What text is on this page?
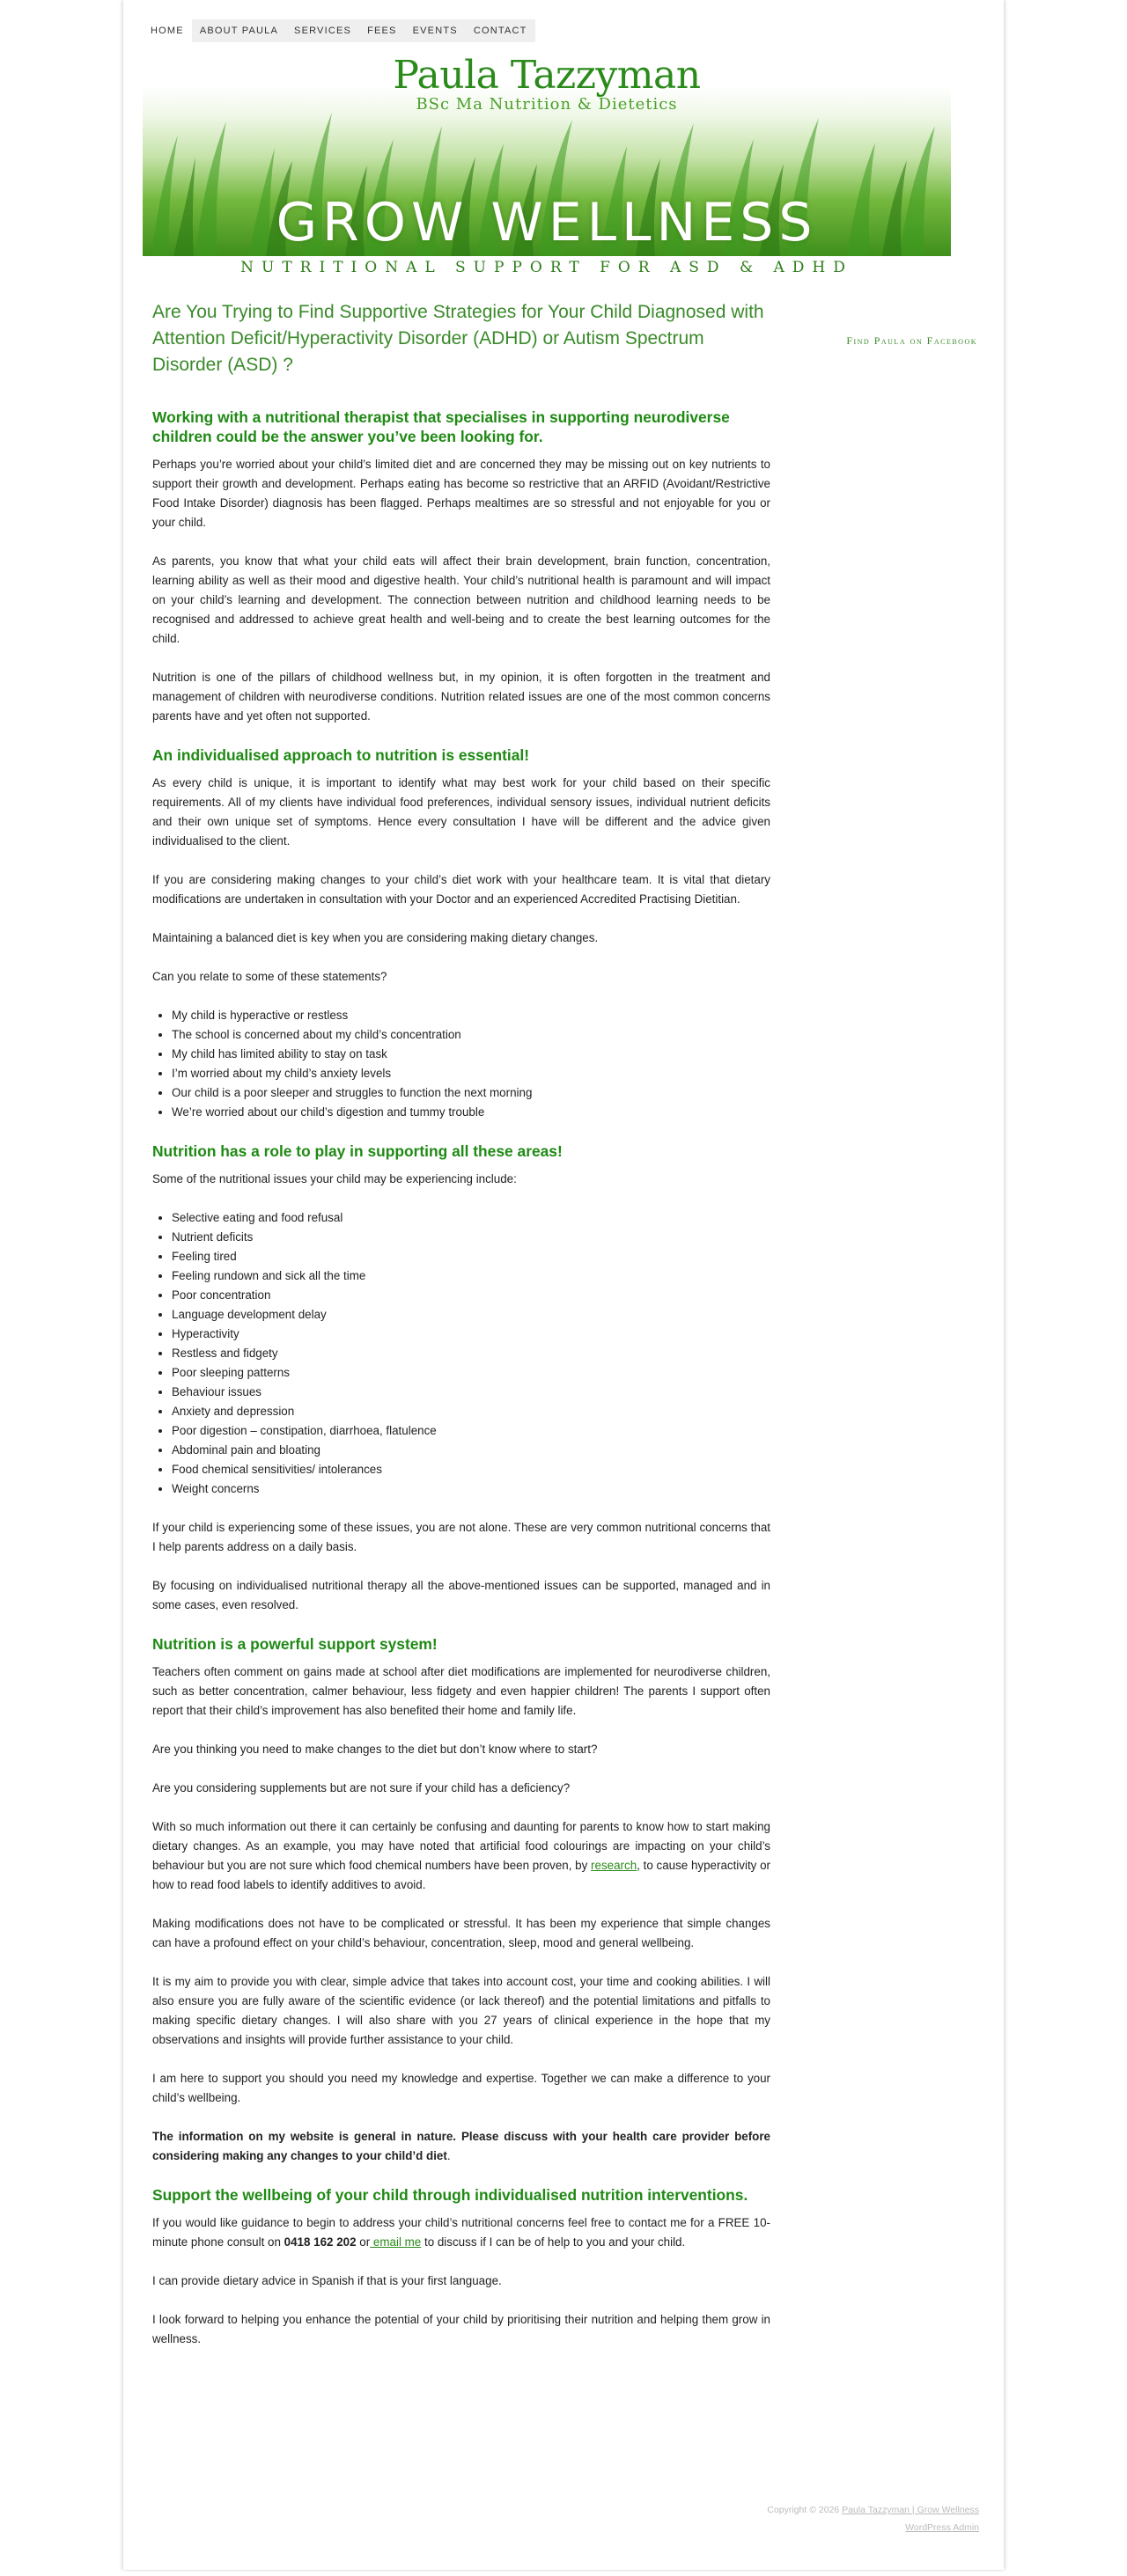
HOME	ABOUT PAULA	SERVICES	FEES	EVENTS	CONTACT
Paula Tazzyman
BSc Ma Nutrition & Dietetics
GROW WELLNESS
NUTRITIONAL SUPPORT FOR ASD & ADHD
Are You Trying to Find Supportive Strategies for Your Child Diagnosed with Attention Deficit/Hyperactivity Disorder (ADHD) or Autism Spectrum Disorder (ASD) ?
Working with a nutritional therapist that specialises in supporting neurodiverse children could be the answer you’ve been looking for.

Perhaps you’re worried about your child’s limited diet and are concerned they may be missing out on key nutrients to support their growth and development. Perhaps eating has become so restrictive that an ARFID (Avoidant/Restrictive Food Intake Disorder) diagnosis has been flagged. Perhaps mealtimes are so stressful and not enjoyable for you or your child.

As parents, you know that what your child eats will affect their brain development, brain function, concentration, learning ability as well as their mood and digestive health. Your child’s nutritional health is paramount and will impact on your child’s learning and development. The connection between nutrition and childhood learning needs to be recognised and addressed to achieve great health and well-being and to create the best learning outcomes for the child.

Nutrition is one of the pillars of childhood wellness but, in my opinion, it is often forgotten in the treatment and management of children with neurodiverse conditions. Nutrition related issues are one of the most common concerns parents have and yet often not supported.

An individualised approach to nutrition is essential!

As every child is unique, it is important to identify what may best work for your child based on their specific requirements. All of my clients have individual food preferences, individual sensory issues, individual nutrient deficits and their own unique set of symptoms. Hence every consultation I have will be different and the advice given individualised to the client.

If you are considering making changes to your child’s diet work with your healthcare team. It is vital that dietary modifications are undertaken in consultation with your Doctor and an experienced Accredited Practising Dietitian.

Maintaining a balanced diet is key when you are considering making dietary changes.

Can you relate to some of these statements?

• My child is hyperactive or restless
• The school is concerned about my child’s concentration
• My child has limited ability to stay on task
• I’m worried about my child’s anxiety levels
• Our child is a poor sleeper and struggles to function the next morning
• We’re worried about our child’s digestion and tummy trouble
Nutrition has a role to play in supporting all these areas!

Some of the nutritional issues your child may be experiencing include:

• Selective eating and food refusal
• Nutrient deficits
• Feeling tired
• Feeling rundown and sick all the time
• Poor concentration
• Language development delay
• Hyperactivity
• Restless and fidgety
• Poor sleeping patterns
• Behaviour issues
• Anxiety and depression
• Poor digestion – constipation, diarrhoea, flatulence
• Abdominal pain and bloating
• Food chemical sensitivities/ intolerances
• Weight concerns

If your child is experiencing some of these issues, you are not alone. These are very common nutritional concerns that I help parents address on a daily basis.

By focusing on individualised nutritional therapy all the above-mentioned issues can be supported, managed and in some cases, even resolved.

Nutrition is a powerful support system!

Teachers often comment on gains made at school after diet modifications are implemented for neurodiverse children, such as better concentration, calmer behaviour, less fidgety and even happier children! The parents I support often report that their child’s improvement has also benefited their home and family life.

Are you thinking you need to make changes to the diet but don’t know where to start?

Are you considering supplements but are not sure if your child has a deficiency?

With so much information out there it can certainly be confusing and daunting for parents to know how to start making dietary changes. As an example, you may have noted that artificial food colourings are impacting on your child’s behaviour but you are not sure which food chemical numbers have been proven, by research, to cause hyperactivity or how to read food labels to identify additives to avoid.

Making modifications does not have to be complicated or stressful. It has been my experience that simple changes can have a profound effect on your child’s behaviour, concentration, sleep, mood and general wellbeing.

It is my aim to provide you with clear, simple advice that takes into account cost, your time and cooking abilities. I will also ensure you are fully aware of the scientific evidence (or lack thereof) and the potential limitations and pitfalls to making specific dietary changes. I will also share with you 27 years of clinical experience in the hope that my observations and insights will provide further assistance to your child.

I am here to support you should you need my knowledge and expertise. Together we can make a difference to your child’s wellbeing.

The information on my website is general in nature. Please discuss with your health care provider before considering making any changes to your child’d diet.

Support the wellbeing of your child through individualised nutrition interventions.

If you would like guidance to begin to address your child’s nutritional concerns feel free to contact me for a FREE 10-minute phone consult on 0418 162 202 or email me to discuss if I can be of help to you and your child.

I can provide dietary advice in Spanish if that is your first language.

I look forward to helping you enhance the potential of your child by prioritising their nutrition and helping them grow in wellness.

Find Paula on Facebook
Copyright © 2026 Paula Tazzyman | Grow Wellness
WordPress Admin
